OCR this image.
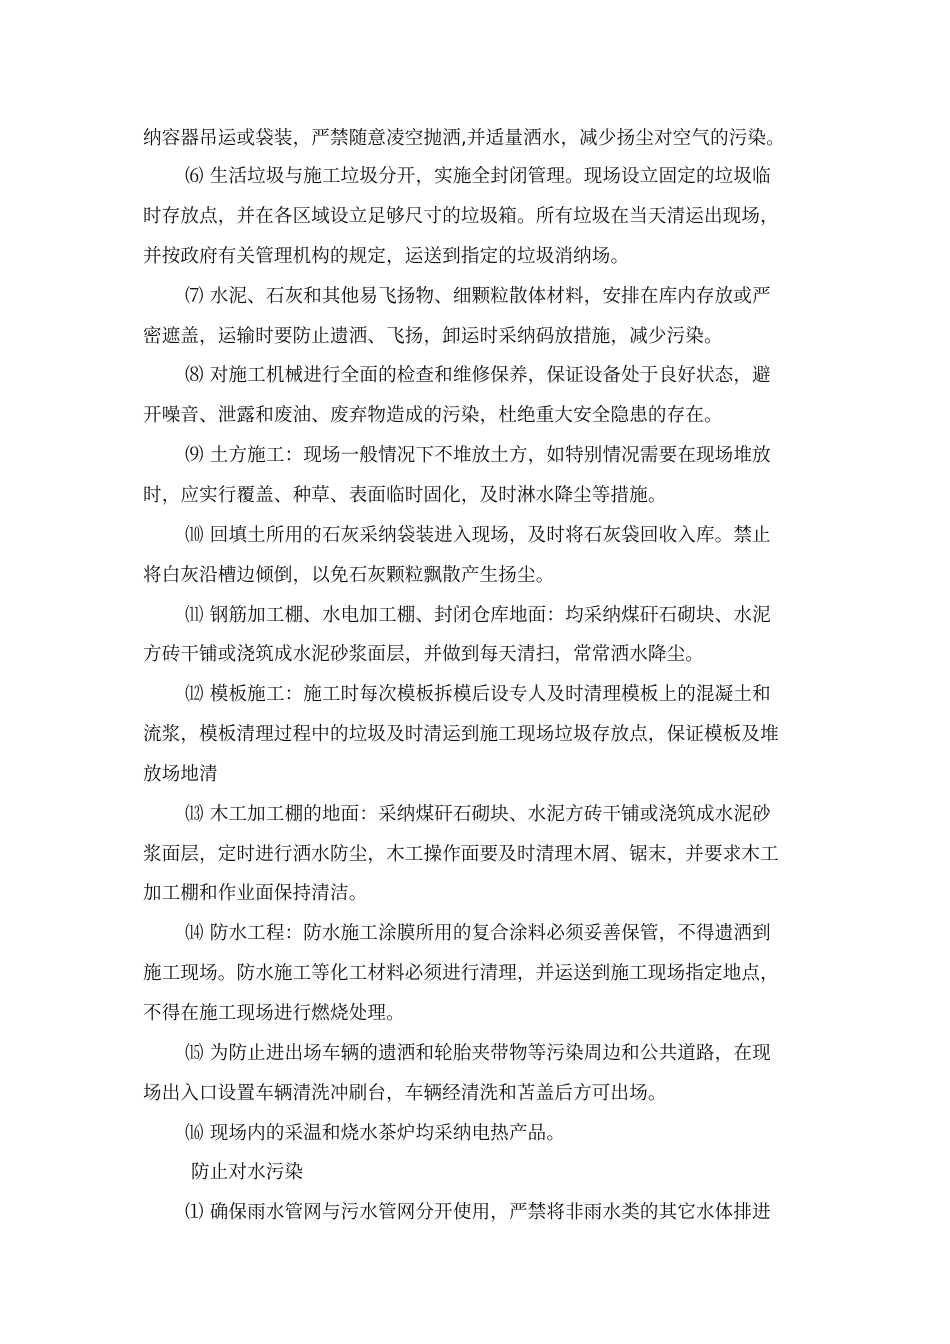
纳容器吊运或袋装，严禁随意凌空抛洒,并适量洒水，减少扬尘对空气的污染。
⑹ 生活垃圾与施工垃圾分开，实施全封闭管理。现场设立固定的垃圾临
时存放点，并在各区域设立足够尺寸的垃圾箱。所有垃圾在当天清运出现场，
并按政府有关管理机构的规定，运送到指定的垃圾消纳场。
⑺ 水泥、石灰和其他易飞扬物、细颗粒散体材料，安排在库内存放或严
密遮盖，运输时要防止遗洒、飞扬，卸运时采纳码放措施，减少污染。
⑻ 对施工机械进行全面的检查和维修保养，保证设备处于良好状态，避
开噪音、泄露和废油、废弃物造成的污染，杜绝重大安全隐患的存在。
⑼ 土方施工：现场一般情况下不堆放土方，如特别情况需要在现场堆放
时，应实行覆盖、种草、表面临时固化，及时淋水降尘等措施。
⑽ 回填土所用的石灰采纳袋装进入现场，及时将石灰袋回收入库。禁止
将白灰沿槽边倾倒，以免石灰颗粒飘散产生扬尘。
⑾ 钢筋加工棚、水电加工棚、封闭仓库地面：均采纳煤矸石砌块、水泥
方砖干铺或浇筑成水泥砂浆面层，并做到每天清扫，常常洒水降尘。
⑿ 模板施工：施工时每次模板拆模后设专人及时清理模板上的混凝土和
流浆，模板清理过程中的垃圾及时清运到施工现场垃圾存放点，保证模板及堆
放场地清
⒀ 木工加工棚的地面：采纳煤矸石砌块、水泥方砖干铺或浇筑成水泥砂
浆面层，定时进行洒水防尘，木工操作面要及时清理木屑、锯末，并要求木工
加工棚和作业面保持清洁。
⒁ 防水工程：防水施工涂膜所用的复合涂料必须妥善保管，不得遗洒到
施工现场。防水施工等化工材料必须进行清理，并运送到施工现场指定地点，
不得在施工现场进行燃烧处理。
⒂ 为防止进出场车辆的遗洒和轮胎夹带物等污染周边和公共道路，在现
场出入口设置车辆清洗冲刷台，车辆经清洗和苫盖后方可出场。
⒃ 现场内的采温和烧水茶炉均采纳电热产品。
防止对水污染
⑴ 确保雨水管网与污水管网分开使用，严禁将非雨水类的其它水体排进
